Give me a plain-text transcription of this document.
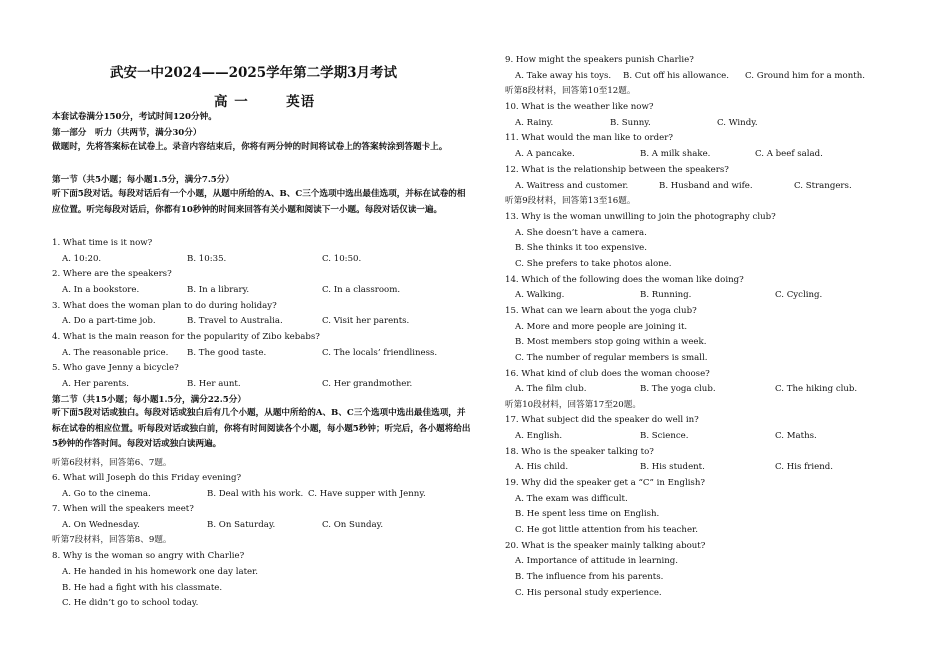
武安一中2024——2025学年第二学期3月考试
高 一	英语
本套试卷满分150分，考试时间120分钟。
第一部分　听力（共两节，满分30分）
做题时，先将答案标在试卷上。录音内容结束后，你将有两分钟的时间将试卷上的答案转涂到答题卡上。
第一节（共5小题；每小题1.5分，满分7.5分）
听下面5段对话。每段对话后有一个小题，从题中所给的A、B、C三个选项中选出最佳选项，并标在试卷的相应位置。听完每段对话后，你都有10秒钟的时间来回答有关小题和阅读下一小题。每段对话仅读一遍。
1. What time is it now?
A. 10:20.	B. 10:35.	C. 10:50.
2. Where are the speakers?
A. In a bookstore.	B. In a library.	C. In a classroom.
3. What does the woman plan to do during holiday?
A. Do a part-time job.	B. Travel to Australia.	C. Visit her parents.
4. What is the main reason for the popularity of Zibo kebabs?
A. The reasonable price. B. The good taste.	C. The locals’ friendliness.
5. Who gave Jenny a bicycle?
A. Her parents.	B. Her aunt.	C. Her grandmother.
第二节（共15小题；每小题1.5分，满分22.5分）
听下面5段对话或独白。每段对话或独白后有几个小题，从题中所给的A、B、C三个选项中选出最佳选项，并标在试卷的相应位置。听每段对话或独白前，你将有时间阅读各个小题，每小题5秒钟；听完后，各小题将给出5秒钟的作答时间。每段对话或独白读两遍。
听第6段材料，回答第6、7题。
6. What will Joseph do this Friday evening?
A. Go to the cinema.	B. Deal with his work. C. Have supper with Jenny.
7. When will the speakers meet?
A. On Wednesday.	B. On Saturday.	C. On Sunday.
听第7段材料，回答第8、9题。
8. Why is the woman so angry with Charlie?
A. He handed in his homework one day later.
B. He had a fight with his classmate.
C. He didn’t go to school today.
9. How might the speakers punish Charlie?
A. Take away his toys. B. Cut off his allowance. C. Ground him for a month.
听第8段材料，回答第10至12题。
10. What is the weather like now?
A. Rainy.	B. Sunny.	C. Windy.
11. What would the man like to order?
A. A pancake.	B. A milk shake.	C. A beef salad.
12. What is the relationship between the speakers?
A. Waitress and customer.	B. Husband and wife.	C. Strangers.
听第9段材料，回答第13至16题。
13. Why is the woman unwilling to join the photography club?
A. She doesn’t have a camera.
B. She thinks it too expensive.
C. She prefers to take photos alone.
14. Which of the following does the woman like doing?
A. Walking.	B. Running.	C. Cycling.
15. What can we learn about the yoga club?
A. More and more people are joining it.
B. Most members stop going within a week.
C. The number of regular members is small.
16. What kind of club does the woman choose?
A. The film club.	B. The yoga club.	C. The hiking club.
听第10段材料，回答第17至20题。
17. What subject did the speaker do well in?
A. English.	B. Science.	C. Maths.
18. Who is the speaker talking to?
A. His child.	B. His student.	C. His friend.
19. Why did the speaker get a “C” in English?
A. The exam was difficult.
B. He spent less time on English.
C. He got little attention from his teacher.
20. What is the speaker mainly talking about?
A. Importance of attitude in learning.
B. The influence from his parents.
C. His personal study experience.
